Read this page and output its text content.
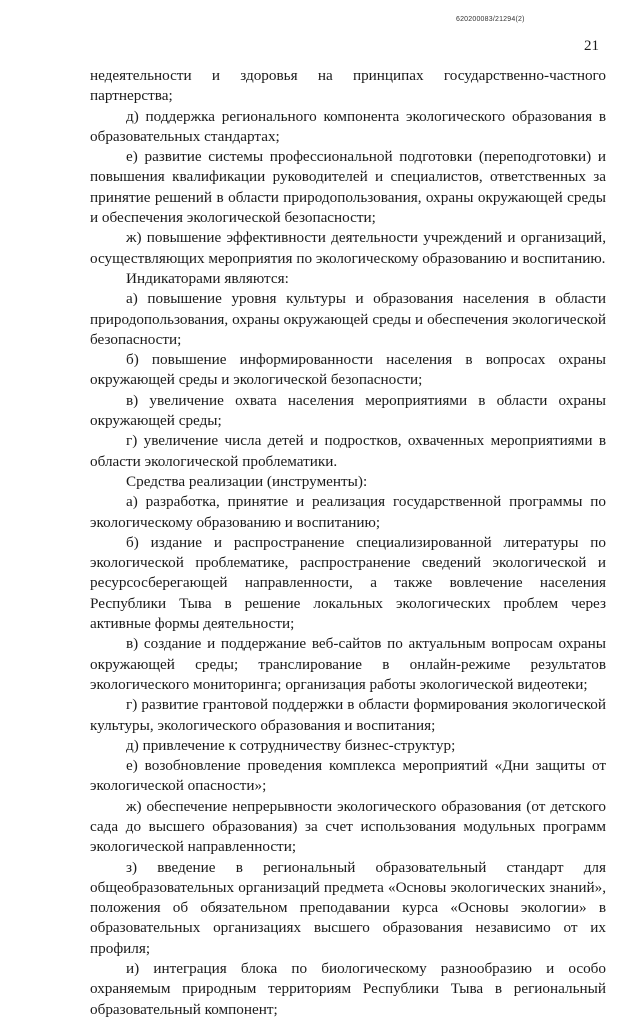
620200083/21294(2)
21

недеятельности и здоровья на принципах государственно-частного партнерства;

д) поддержка регионального компонента экологического образования в образовательных стандартах;

е) развитие системы профессиональной подготовки (переподготовки) и повышения квалификации руководителей и специалистов, ответственных за принятие решений в области природопользования, охраны окружающей среды и обеспечения экологической безопасности;

ж) повышение эффективности деятельности учреждений и организаций, осуществляющих мероприятия по экологическому образованию и воспитанию.

Индикаторами являются:

а) повышение уровня культуры и образования населения в области природопользования, охраны окружающей среды и обеспечения экологической безопасности;

б) повышение информированности населения в вопросах охраны окружающей среды и экологической безопасности;

в) увеличение охвата населения мероприятиями в области охраны окружающей среды;

г) увеличение числа детей и подростков, охваченных мероприятиями в области экологической проблематики.

Средства реализации (инструменты):

а) разработка, принятие и реализация государственной программы по экологическому образованию и воспитанию;

б) издание и распространение специализированной литературы по экологической проблематике, распространение сведений экологической и ресурсосберегающей направленности, а также вовлечение населения Республики Тыва в решение локальных экологических проблем через активные формы деятельности;

в) создание и поддержание веб-сайтов по актуальным вопросам охраны окружающей среды; транслирование в онлайн-режиме результатов экологического мониторинга; организация работы экологической видеотеки;

г) развитие грантовой поддержки в области формирования экологической культуры, экологического образования и воспитания;

д) привлечение к сотрудничеству бизнес-структур;

е) возобновление проведения комплекса мероприятий «Дни защиты от экологической опасности»;

ж) обеспечение непрерывности экологического образования (от детского сада до высшего образования) за счет использования модульных программ экологической направленности;

з) введение в региональный образовательный стандарт для общеобразовательных организаций предмета «Основы экологических знаний», положения об обязательном преподавании курса «Основы экологии» в образовательных организациях высшего образования независимо от их профиля;

и) интеграция блока по биологическому разнообразию и особо охраняемым природным территориям Республики Тыва в региональный образовательный компонент;
